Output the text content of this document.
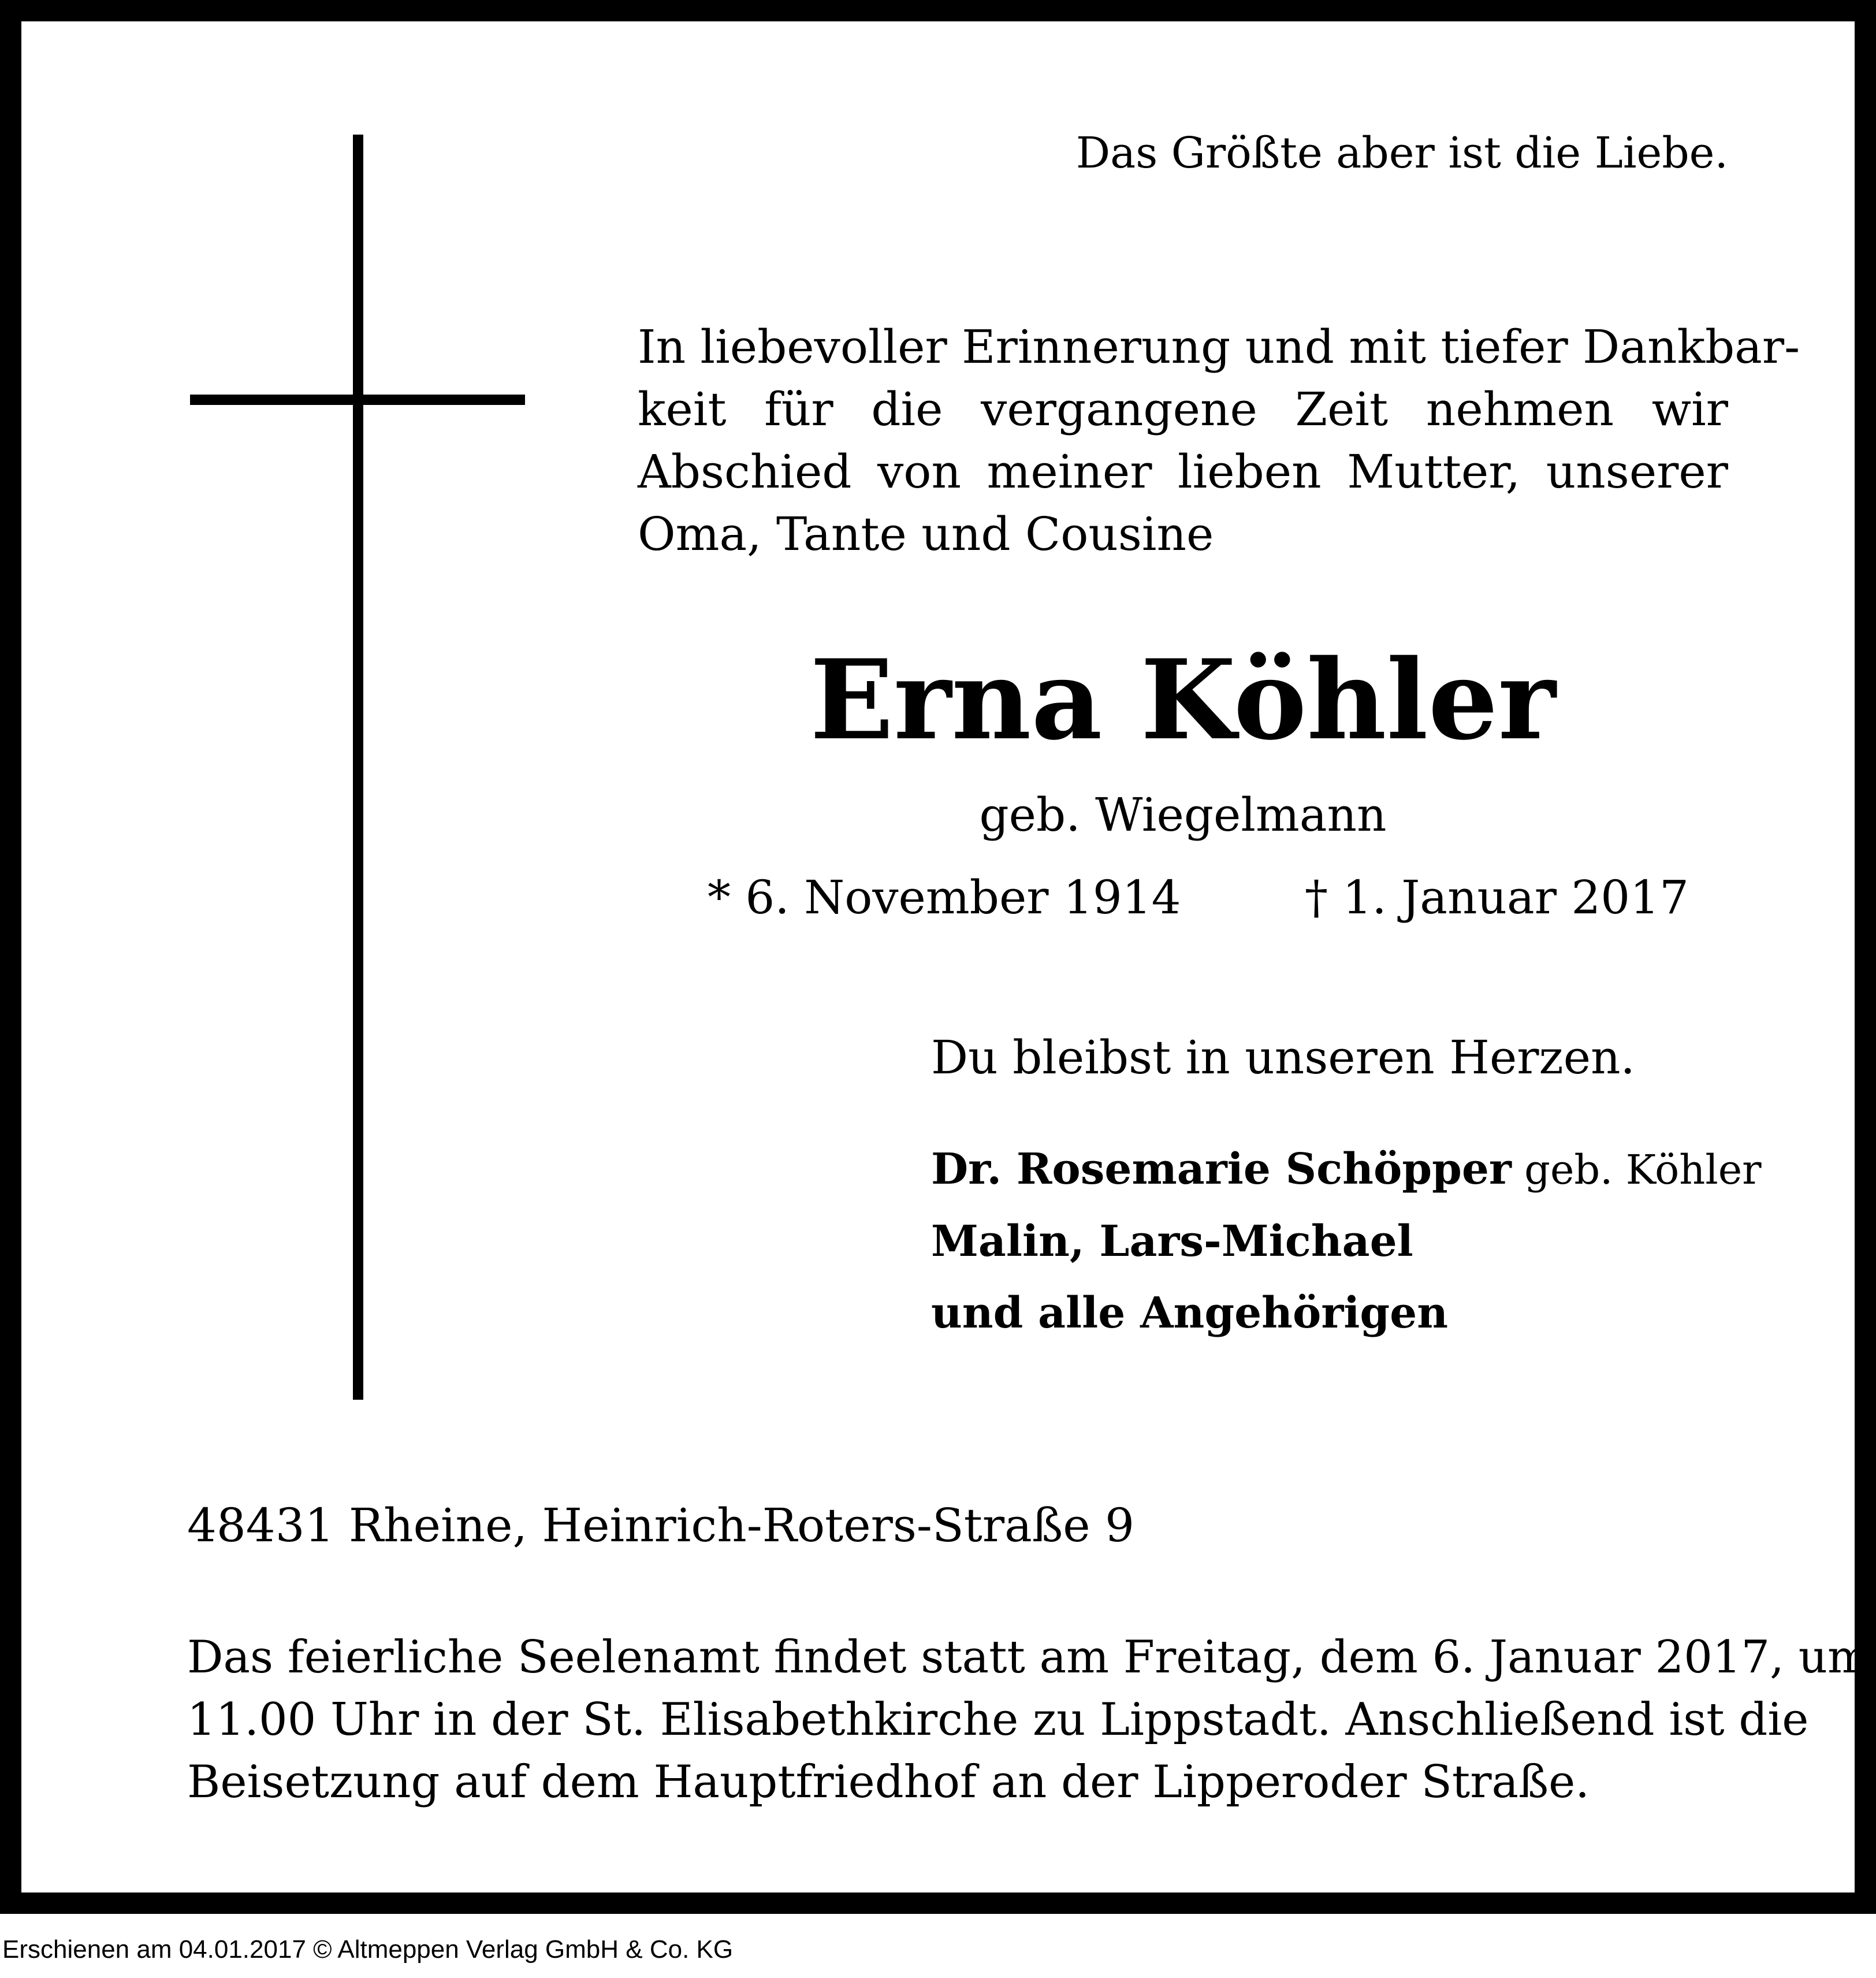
Das Größte aber ist die Liebe.
In liebevoller Erinnerung und mit tiefer Dankbar-
keit für die vergangene Zeit nehmen wir
Abschied von meiner lieben Mutter, unserer
Oma, Tante und Cousine
Erna Köhler
geb. Wiegelmann
* 6. November 1914	† 1. Januar 2017
Du bleibst in unseren Herzen.
Dr. Rosemarie Schöpper geb. Köhler
Malin, Lars-Michael
und alle Angehörigen
48431 Rheine, Heinrich-Roters-Straße 9
Das feierliche Seelenamt findet statt am Freitag, dem 6. Januar 2017, um
11.00 Uhr in der St. Elisabethkirche zu Lippstadt. Anschließend ist die
Beisetzung auf dem Hauptfriedhof an der Lipperoder Straße.
Erschienen am 04.01.2017 © Altmeppen Verlag GmbH & Co. KG
